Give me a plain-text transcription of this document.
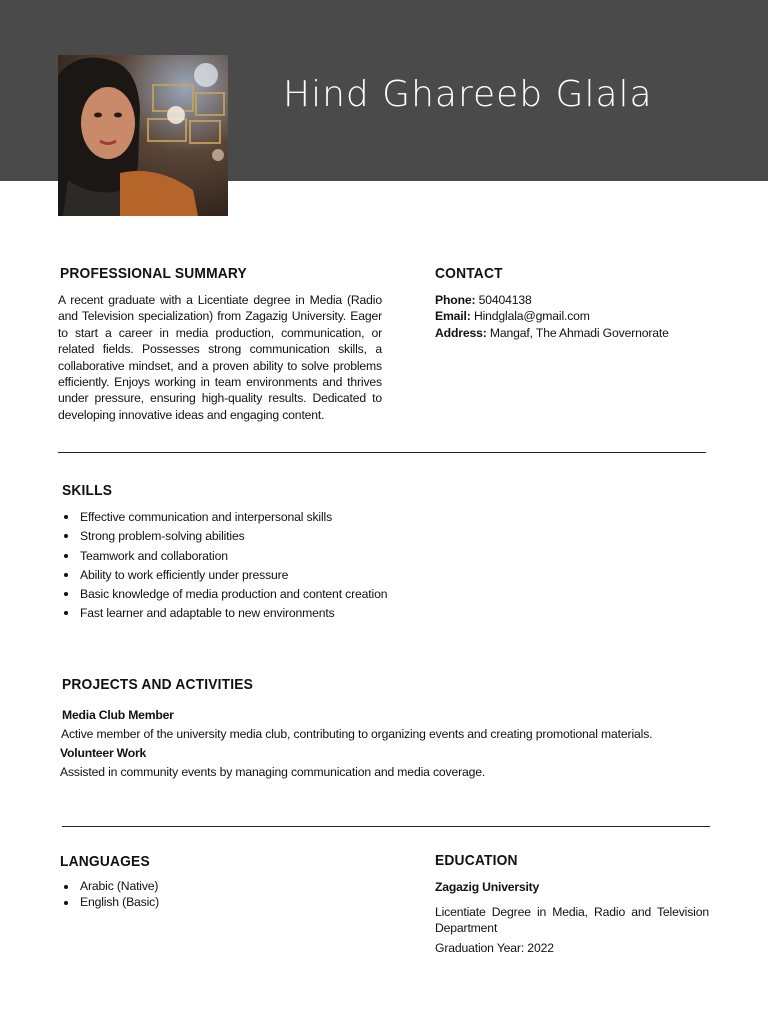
Hind Ghareeb Glala
PROFESSIONAL SUMMARY
A recent graduate with a Licentiate degree in Media (Radio and Television specialization) from Zagazig University. Eager to start a career in media production, communication, or related fields. Possesses strong communication skills, a collaborative mindset, and a proven ability to solve problems efficiently. Enjoys working in team environments and thrives under pressure, ensuring high-quality results. Dedicated to developing innovative ideas and engaging content.
CONTACT
Phone: 50404138
Email: Hindglala@gmail.com
Address: Mangaf, The Ahmadi Governorate
SKILLS
Effective communication and interpersonal skills
Strong problem-solving abilities
Teamwork and collaboration
Ability to work efficiently under pressure
Basic knowledge of media production and content creation
Fast learner and adaptable to new environments
PROJECTS AND ACTIVITIES
Media Club Member
Active member of the university media club, contributing to organizing events and creating promotional materials.
Volunteer Work
Assisted in community events by managing communication and media coverage.
LANGUAGES
Arabic (Native)
English (Basic)
EDUCATION
Zagazig University
Licentiate Degree in Media, Radio and Television Department
Graduation Year: 2022
